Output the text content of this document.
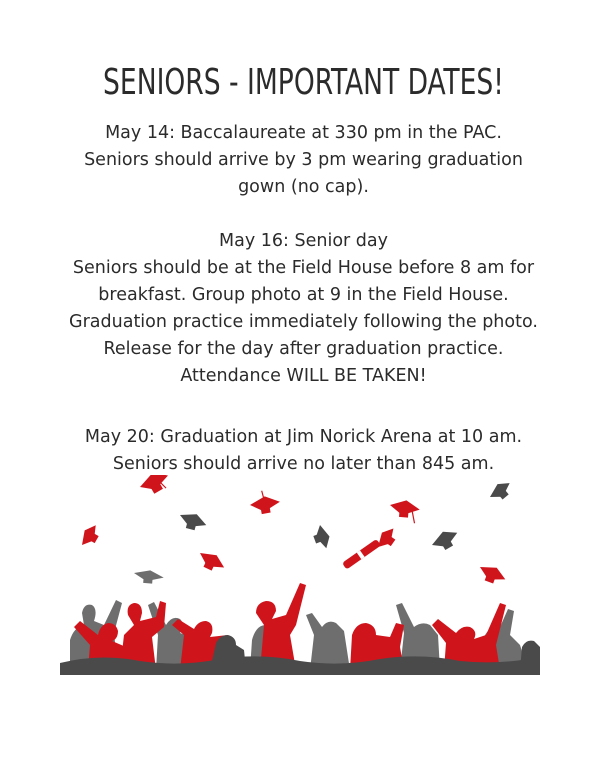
SENIORS - IMPORTANT DATES!
May 14: Baccalaureate at 330 pm in the PAC.
Seniors should arrive by 3 pm wearing graduation
gown (no cap).
May 16: Senior day
Seniors should be at the Field House before 8 am for
breakfast. Group photo at 9 in the Field House.
Graduation practice immediately following the photo.
Release for the day after graduation practice.
Attendance WILL BE TAKEN!
May 20: Graduation at Jim Norick Arena at 10 am.
Seniors should arrive no later than 845 am.
